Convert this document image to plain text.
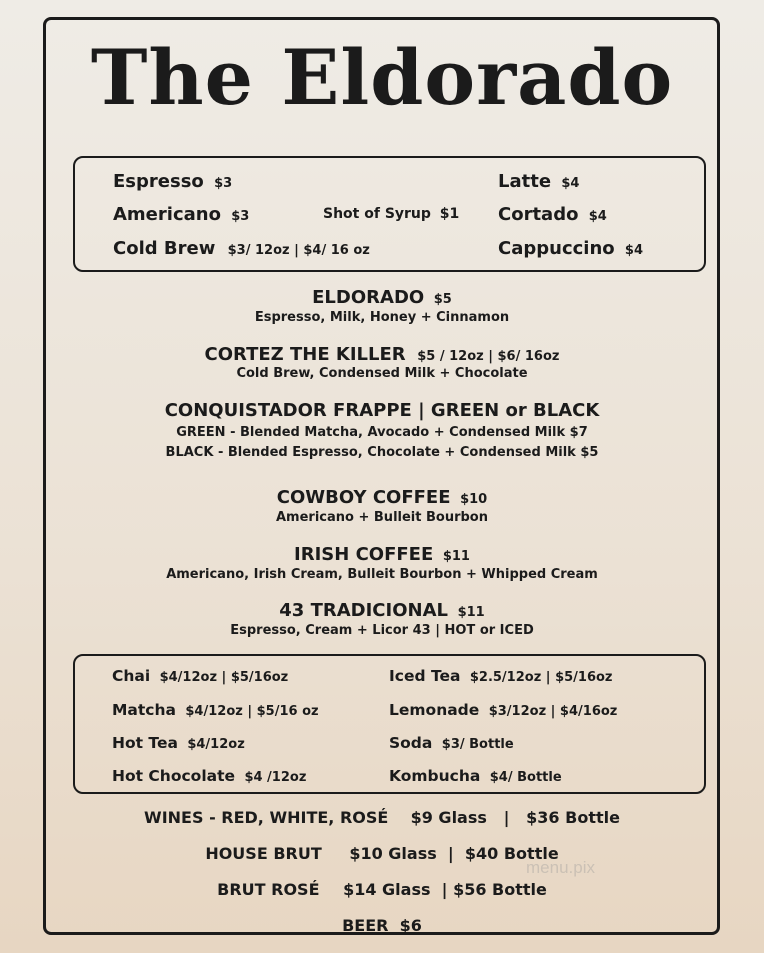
The Eldorado
Espresso $3
Americano $3
Cold Brew $3/ 12oz | $4/ 16 oz
Shot of Syrup $1
Latte $4
Cortado $4
Cappuccino $4
ELDORADO $5
Espresso, Milk, Honey + Cinnamon
CORTEZ THE KILLER $5 / 12oz | $6/ 16oz
Cold Brew, Condensed Milk + Chocolate
CONQUISTADOR FRAPPE | GREEN or BLACK
GREEN - Blended Matcha, Avocado + Condensed Milk $7
BLACK - Blended Espresso, Chocolate + Condensed Milk $5
COWBOY COFFEE $10
Americano + Bulleit Bourbon
IRISH COFFEE $11
Americano, Irish Cream, Bulleit Bourbon + Whipped Cream
43 TRADICIONAL $11
Espresso, Cream + Licor 43 | HOT or ICED
Chai $4/12oz | $5/16oz
Matcha $4/12oz | $5/16 oz
Hot Tea $4/12oz
Hot Chocolate $4 /12oz
Iced Tea $2.5/12oz | $5/16oz
Lemonade $3/12oz | $4/16oz
Soda $3/ Bottle
Kombucha $4/ Bottle
WINES - RED, WHITE, ROSÉ    $9 Glass   |   $36 Bottle
HOUSE BRUT $10 Glass  |  $40 Bottle
BRUT ROSÉ $14 Glass  | $56 Bottle
BEER  $6
menu.pix
